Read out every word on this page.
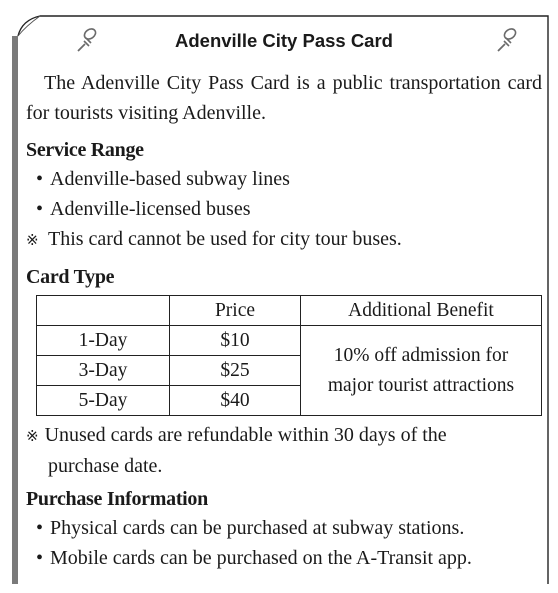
Adenville City Pass Card

The Adenville City Pass Card is a public transportation card for tourists visiting Adenville.

Service Range
• Adenville-based subway lines
• Adenville-licensed buses
※ This card cannot be used for city tour buses.
Card Type
	Price	Additional Benefit
1-Day	$10	10% off admission for
major tourist attractions
3-Day	$25	
5-Day	$40	
※ Unused cards are refundable within 30 days of the
purchase date.
Purchase Information
• Physical cards can be purchased at subway stations.
• Mobile cards can be purchased on the A-Transit app.
